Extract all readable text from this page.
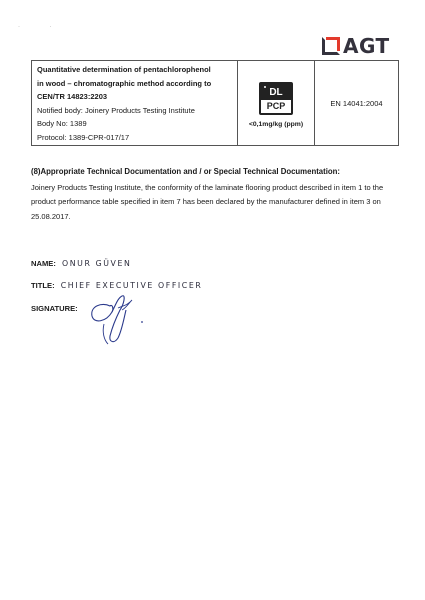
· ·
AGT
Quantitative determination of pentachlorophenol
in wood – chromatographic method according to
CEN/TR 14823:2203
Notified body: Joinery Products Testing Institute
Body No: 1389
Protocol: 1389-CPR-017/17
DL
PCP
<0,1mg/kg (ppm)
EN 14041:2004
(8)Appropriate Technical Documentation and / or Special Technical Documentation:
Joinery Products Testing Institute, the conformity of the laminate flooring product described in item 1 to the product performance table specified in item 7 has been declared by the manufacturer defined in item 3 on 25.08.2017.
NAME: ONUR GÜVEN
TITLE: CHIEF EXECUTIVE OFFICER
SIGNATURE:
